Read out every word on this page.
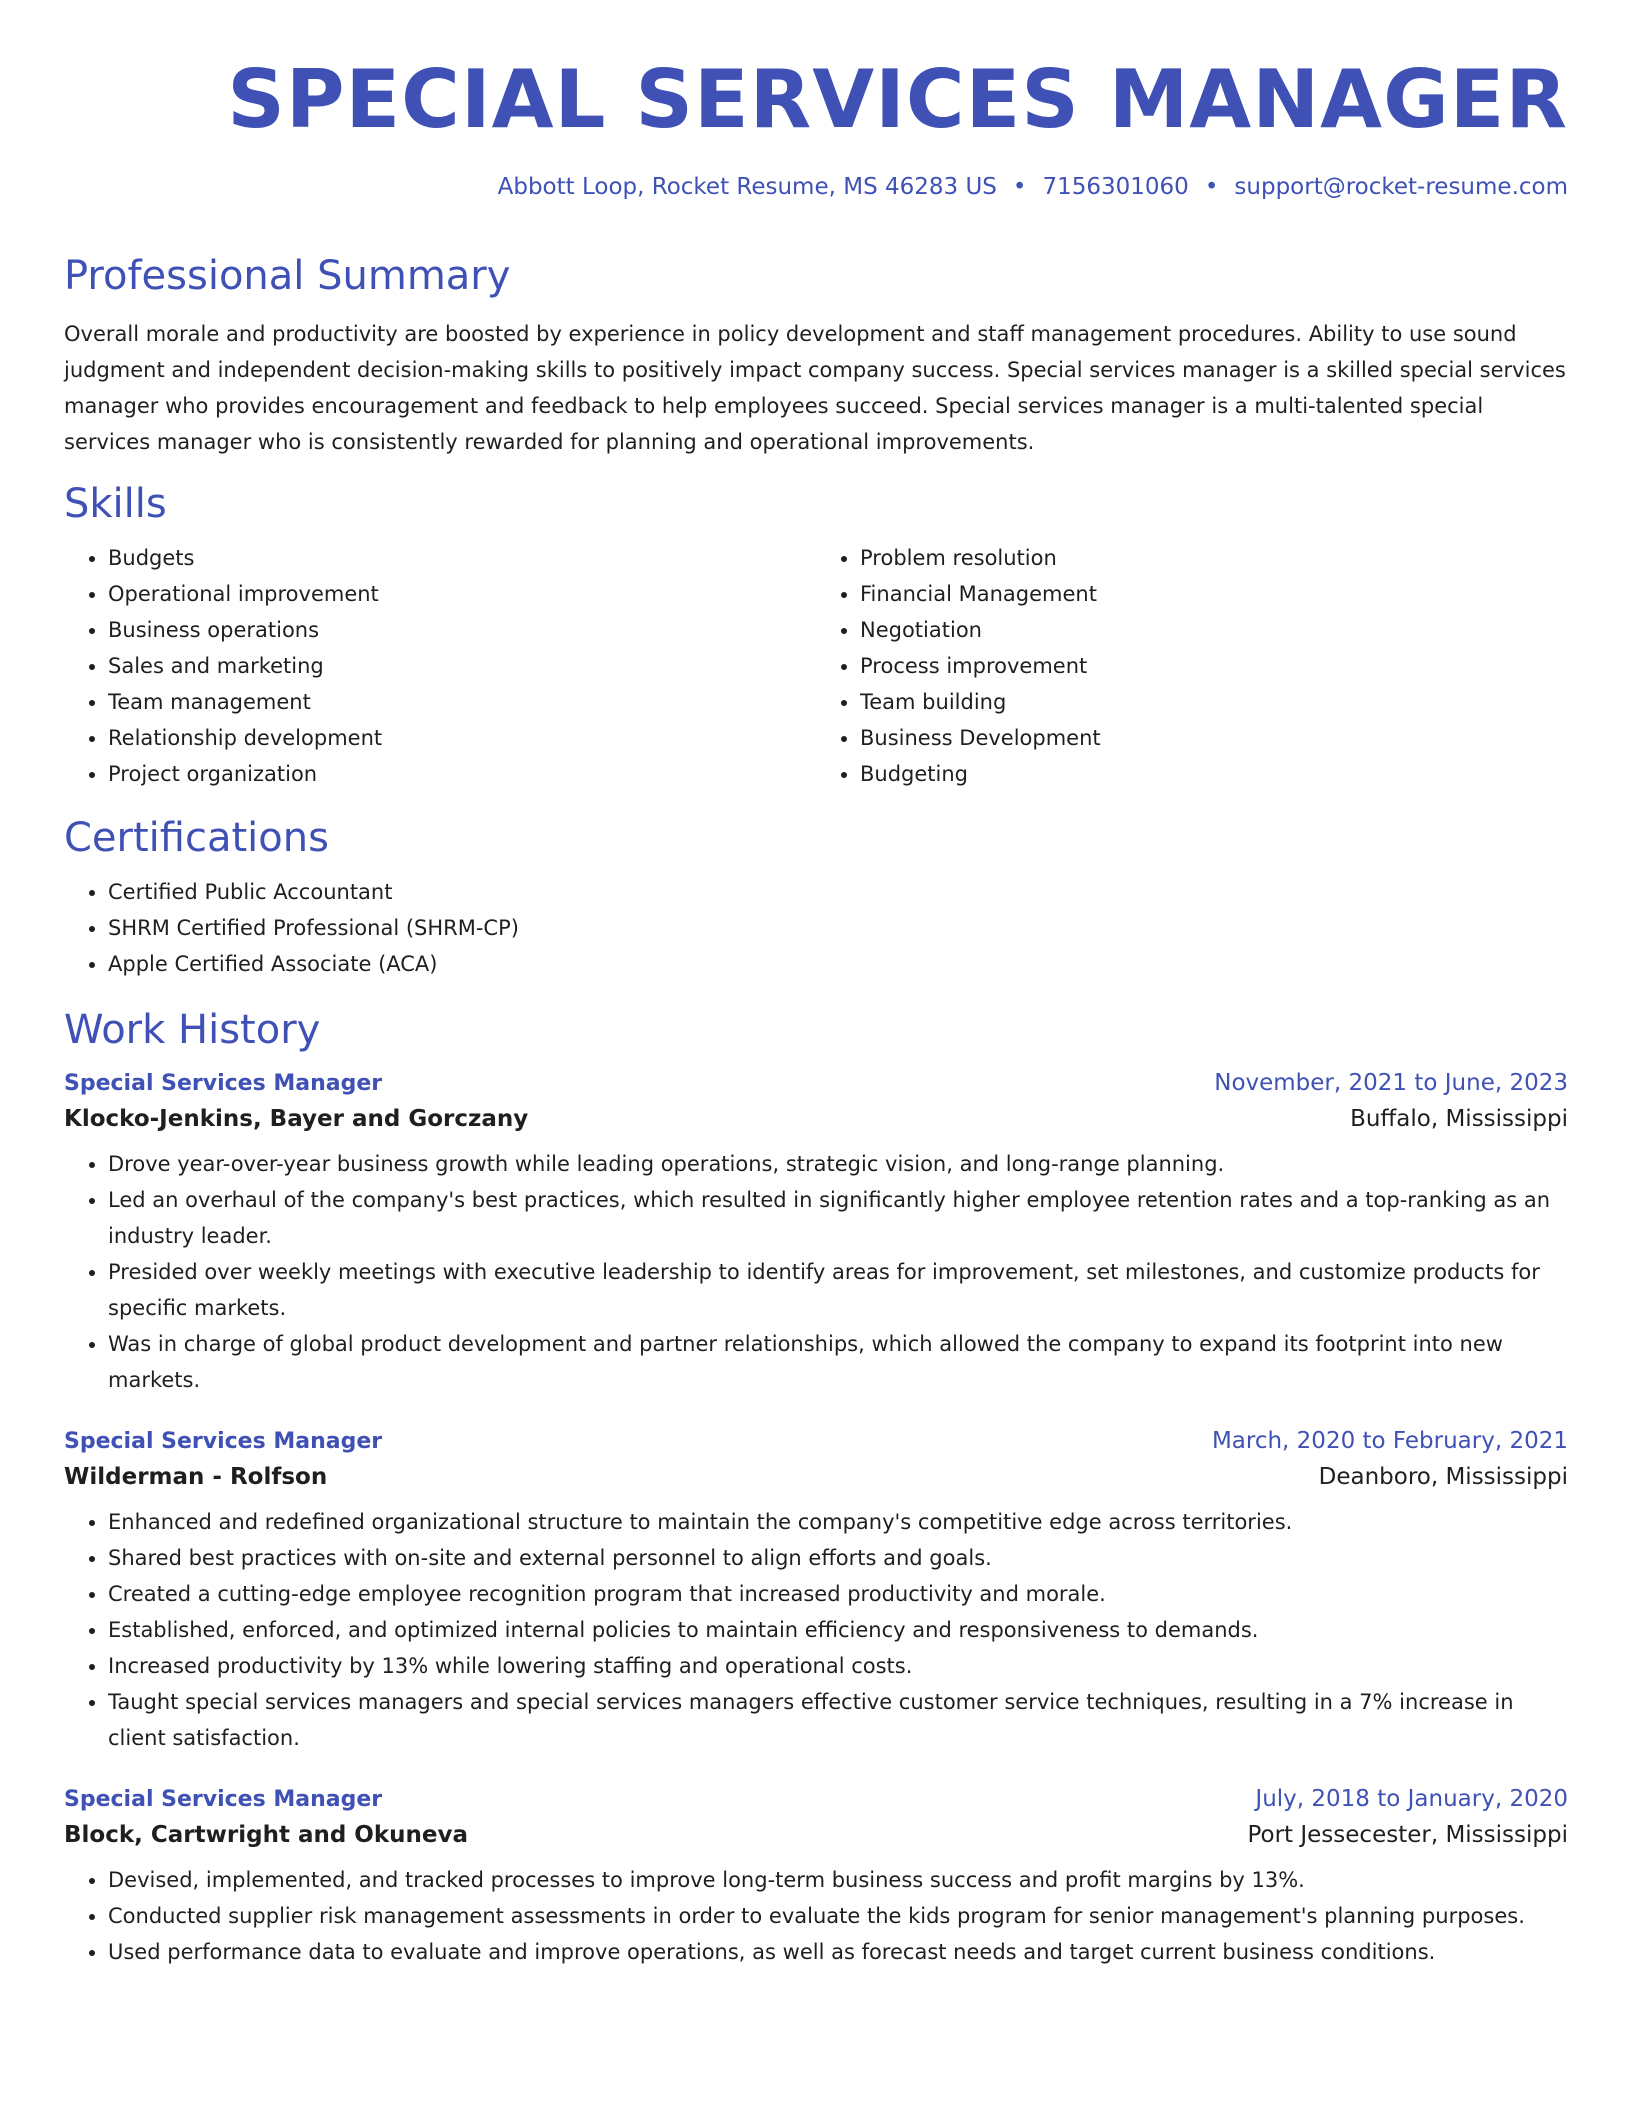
SPECIAL SERVICES MANAGER
Abbott Loop, Rocket Resume, MS 46283 US • 7156301060 • support@rocket-resume.com
Professional Summary

Overall morale and productivity are boosted by experience in policy development and staff management procedures. Ability to use sound judgment and independent decision-making skills to positively impact company success. Special services manager is a skilled special services manager who provides encouragement and feedback to help employees succeed. Special services manager is a multi-talented special services manager who is consistently rewarded for planning and operational improvements.

Skills
• Budgets
• Operational improvement
• Business operations
• Sales and marketing
• Team management
• Relationship development
• Project organization
• Problem resolution
• Financial Management
• Negotiation
• Process improvement
• Team building
• Business Development
• Budgeting
Certifications
• Certified Public Accountant
• SHRM Certified Professional (SHRM-CP)
• Apple Certified Associate (ACA)
Work History
Special Services Manager	November, 2021 to June, 2023
Klocko-Jenkins, Bayer and Gorczany	Buffalo, Mississippi
• Drove year-over-year business growth while leading operations, strategic vision, and long-range planning.
• Led an overhaul of the company's best practices, which resulted in significantly higher employee retention rates and a top-ranking as an industry leader.
• Presided over weekly meetings with executive leadership to identify areas for improvement, set milestones, and customize products for specific markets.
• Was in charge of global product development and partner relationships, which allowed the company to expand its footprint into new markets.
Special Services Manager	March, 2020 to February, 2021
Wilderman - Rolfson	Deanboro, Mississippi
• Enhanced and redefined organizational structure to maintain the company's competitive edge across territories.
• Shared best practices with on-site and external personnel to align efforts and goals.
• Created a cutting-edge employee recognition program that increased productivity and morale.
• Established, enforced, and optimized internal policies to maintain efficiency and responsiveness to demands.
• Increased productivity by 13% while lowering staffing and operational costs.
• Taught special services managers and special services managers effective customer service techniques, resulting in a 7% increase in client satisfaction.
Special Services Manager	July, 2018 to January, 2020
Block, Cartwright and Okuneva	Port Jessecester, Mississippi
• Devised, implemented, and tracked processes to improve long-term business success and profit margins by 13%.
• Conducted supplier risk management assessments in order to evaluate the kids program for senior management's planning purposes.
• Used performance data to evaluate and improve operations, as well as forecast needs and target current business conditions.
